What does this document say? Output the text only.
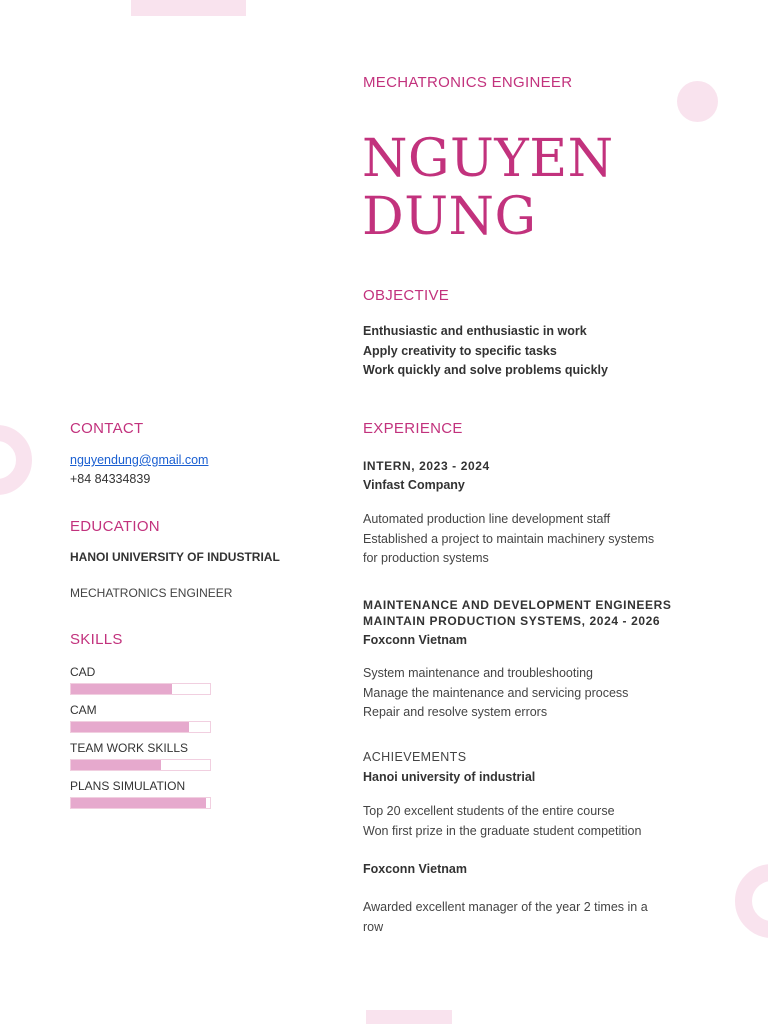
MECHATRONICS ENGINEER
NGUYEN
DUNG
OBJECTIVE
Enthusiastic and enthusiastic in work
Apply creativity to specific tasks
Work quickly and solve problems quickly
CONTACT
nguyendung@gmail.com
+84 84334839
EDUCATION
HANOI UNIVERSITY OF INDUSTRIAL
MECHATRONICS ENGINEER
SKILLS
CAD
CAM
TEAM WORK SKILLS
PLANS SIMULATION
EXPERIENCE
INTERN, 2023 - 2024
Vinfast Company
Automated production line development staff
Established a project to maintain machinery systems
for production systems
MAINTENANCE AND DEVELOPMENT ENGINEERS
MAINTAIN PRODUCTION SYSTEMS, 2024 - 2026
Foxconn Vietnam
System maintenance and troubleshooting
Manage the maintenance and servicing process
Repair and resolve system errors
ACHIEVEMENTS
Hanoi university of industrial
Top 20 excellent students of the entire course
Won first prize in the graduate student competition
Foxconn Vietnam
Awarded excellent manager of the year 2 times in a
row
